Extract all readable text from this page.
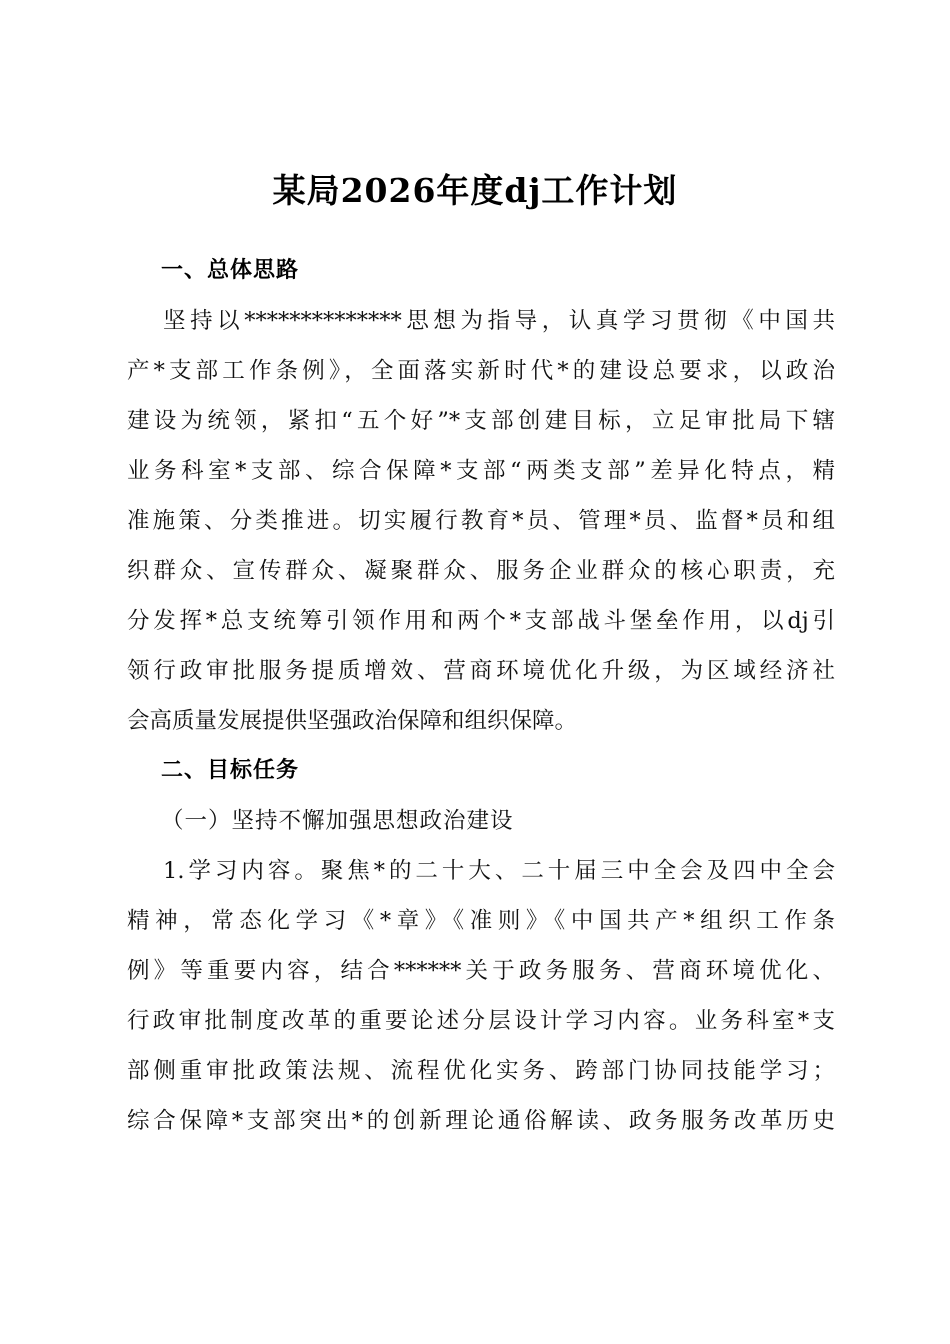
某局2026年度dj工作计划
一、总体思路
坚持以**************思想为指导，认真学习贯彻《中国共
产*支部工作条例》，全面落实新时代*的建设总要求，以政治
建设为统领，紧扣“五个好”*支部创建目标，立足审批局下辖
业务科室*支部、综合保障*支部“两类支部”差异化特点，精
准施策、分类推进。切实履行教育*员、管理*员、监督*员和组
织群众、宣传群众、凝聚群众、服务企业群众的核心职责，充
分发挥*总支统筹引领作用和两个*支部战斗堡垒作用，以dj引
领行政审批服务提质增效、营商环境优化升级，为区域经济社
会高质量发展提供坚强政治保障和组织保障。
二、目标任务
（一）坚持不懈加强思想政治建设
1.学习内容。聚焦*的二十大、二十届三中全会及四中全会
精神，常态化学习《*章》《准则》《中国共产*组织工作条
例》等重要内容，结合******关于政务服务、营商环境优化、
行政审批制度改革的重要论述分层设计学习内容。业务科室*支
部侧重审批政策法规、流程优化实务、跨部门协同技能学习；
综合保障*支部突出*的创新理论通俗解读、政务服务改革历史
